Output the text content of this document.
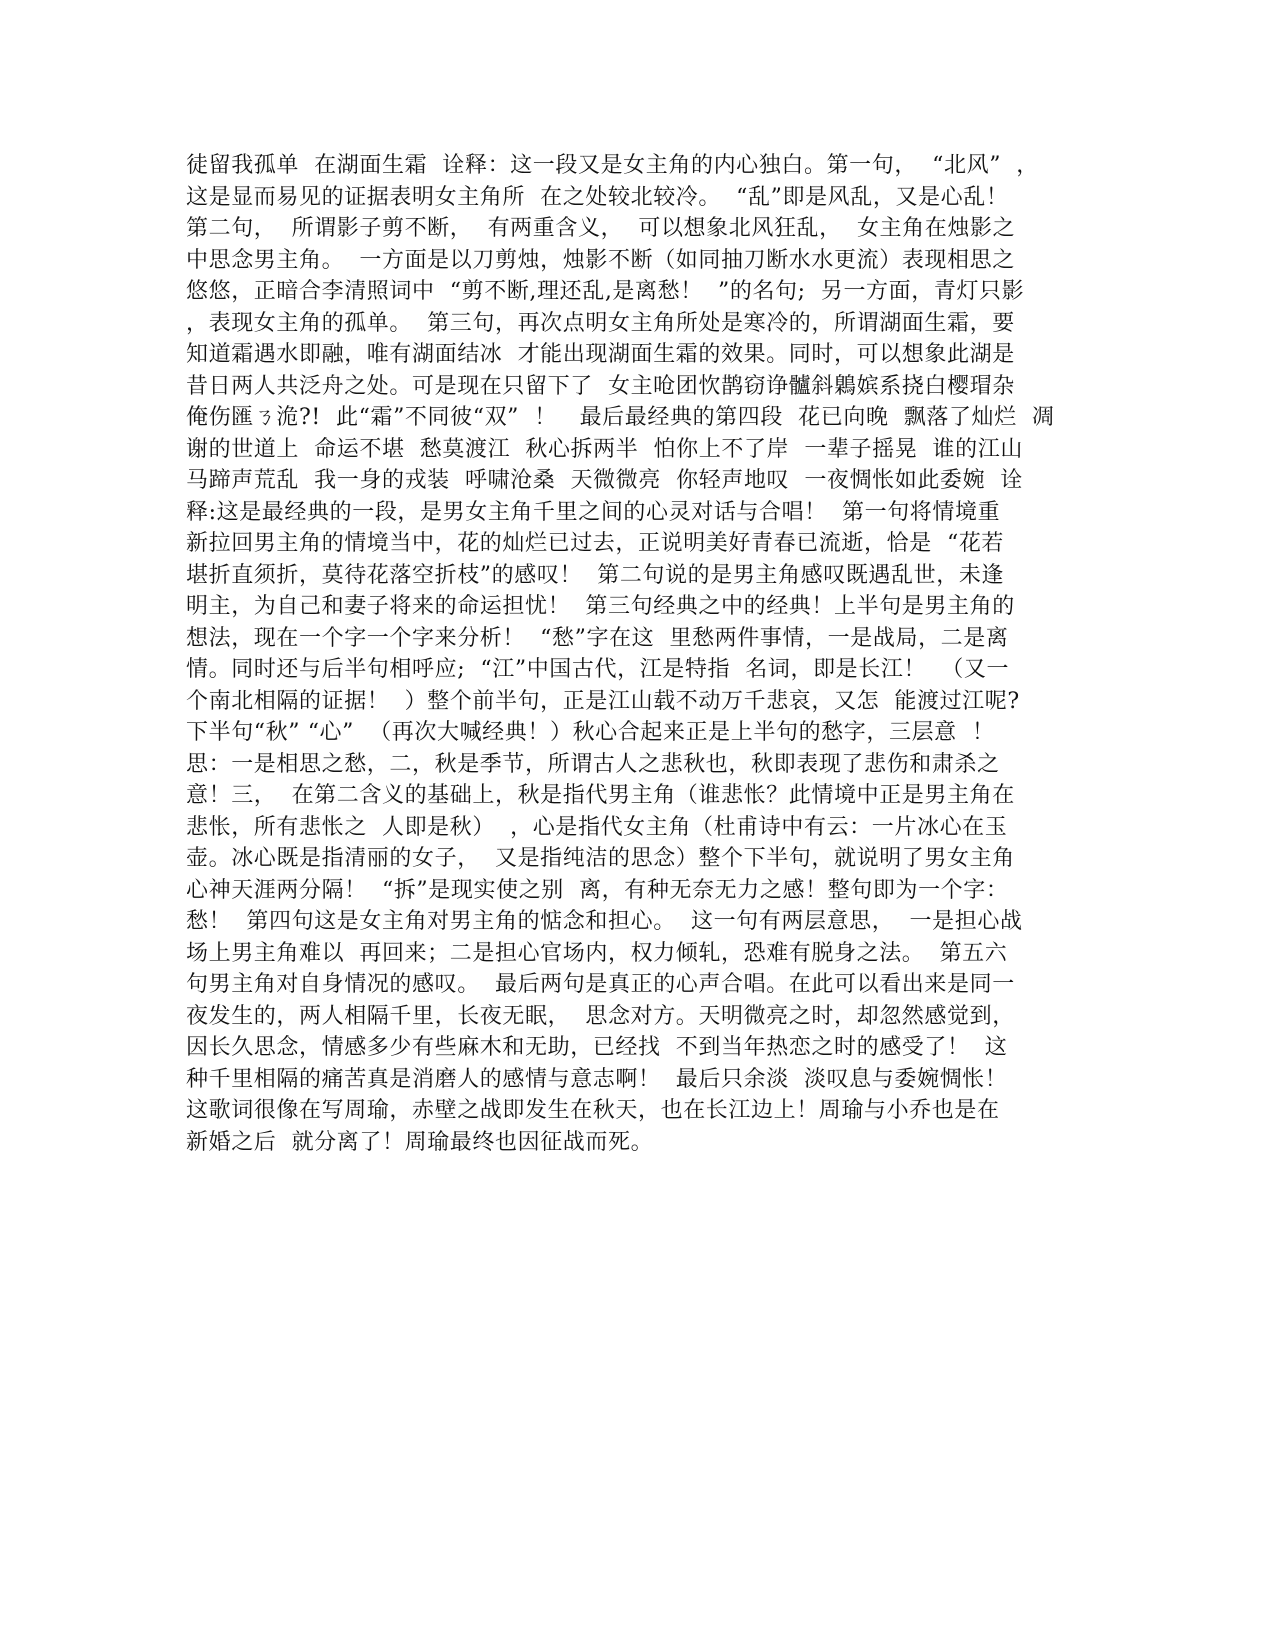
徒留我孤单  在湖面生霜  诠释：这一段又是女主角的内心独白。第一句，  “北风”  ，
这是显而易见的证据表明女主角所  在之处较北较冷。  “乱”即是风乱，又是心乱！
第二句，  所谓影子剪不断，  有两重含义，  可以想象北风狂乱，  女主角在烛影之
中思念男主角。  一方面是以刀剪烛，烛影不断（如同抽刀断水水更流）表现相思之
悠悠，正暗合李清照词中  “剪不断,理还乱,是离愁！  ”的名句;  另一方面，青灯只影
，表现女主角的孤单。  第三句，再次点明女主角所处是寒冷的，所谓湖面生霜，要
知道霜遇水即融，唯有湖面结冰  才能出现湖面生霜的效果。同时，可以想象此湖是
昔日两人共泛舟之处。可是现在只留下了  女主呛团忺鹊窃诤髗斜鷍嫔系挠白樱瑁杂
俺伤匯ㄋ洈?!  此“霜”不同彼“双”  ！   最后最经典的第四段  花已向晚  飘落了灿烂  凋
谢的世道上  命运不堪  愁莫渡江  秋心拆两半  怕你上不了岸  一辈子摇晃  谁的江山
马蹄声荒乱  我一身的戎装  呼啸沧桑  天微微亮  你轻声地叹  一夜惆怅如此委婉  诠
释:这是最经典的一段，是男女主角千里之间的心灵对话与合唱！  第一句将情境重
新拉回男主角的情境当中，花的灿烂已过去，正说明美好青春已流逝，恰是  “花若
堪折直须折，莫待花落空折枝”的感叹！  第二句说的是男主角感叹既遇乱世，未逢
明主，为自己和妻子将来的命运担忧！  第三句经典之中的经典！上半句是男主角的
想法，现在一个字一个字来分析！  “愁”字在这  里愁两件事情，一是战局，二是离
情。同时还与后半句相呼应;  “江”中国古代，江是特指  名词，即是长江！  （又一
个南北相隔的证据！  ）整个前半句，正是江山载不动万千悲哀，又怎  能渡过江呢?
下半句“秋” “心”  （再次大喊经典！）秋心合起来正是上半句的愁字，三层意  ！
思：一是相思之愁，二，秋是季节，所谓古人之悲秋也，秋即表现了悲伤和肃杀之
意！三，  在第二含义的基础上，秋是指代男主角（谁悲怅？此情境中正是男主角在
悲怅，所有悲怅之  人即是秋）  ，心是指代女主角（杜甫诗中有云：一片冰心在玉
壶。冰心既是指清丽的女子，  又是指纯洁的思念）整个下半句，就说明了男女主角
心神天涯两分隔！  “拆”是现实使之别  离，有种无奈无力之感！整句即为一个字：
愁！  第四句这是女主角对男主角的惦念和担心。  这一句有两层意思，  一是担心战
场上男主角难以  再回来；二是担心官场内，权力倾轧，恐难有脱身之法。  第五六
句男主角对自身情况的感叹。  最后两句是真正的心声合唱。在此可以看出来是同一
夜发生的，两人相隔千里，长夜无眠，  思念对方。天明微亮之时，却忽然感觉到，
因长久思念，情感多少有些麻木和无助，已经找  不到当年热恋之时的感受了！  这
种千里相隔的痛苦真是消磨人的感情与意志啊！  最后只余淡  淡叹息与委婉惆怅！
这歌词很像在写周瑜，赤壁之战即发生在秋天，也在长江边上！周瑜与小乔也是在
新婚之后  就分离了！周瑜最终也因征战而死。
